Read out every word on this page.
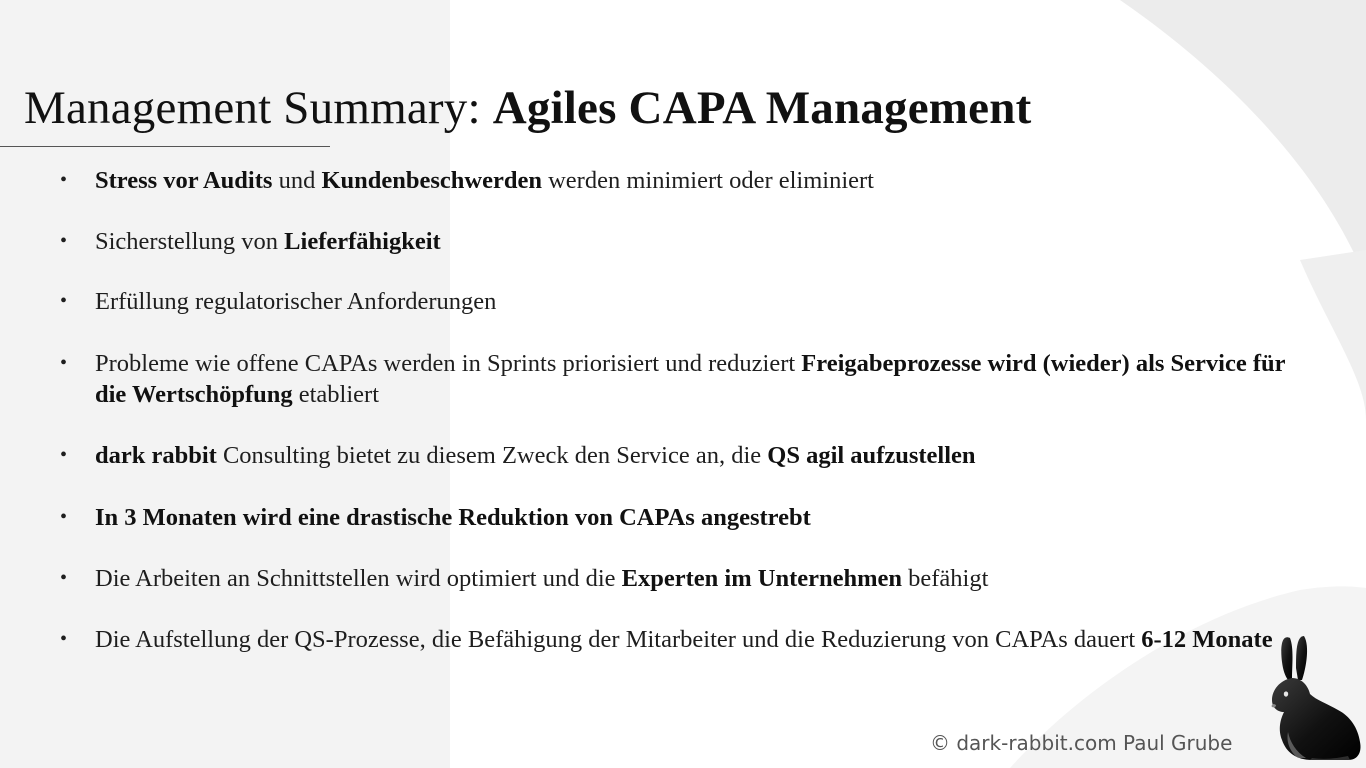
Management Summary: Agiles CAPA Management
•	Stress vor Audits und Kundenbeschwerden werden minimiert oder eliminiert
•	Sicherstellung von Lieferfähigkeit
•	Erfüllung regulatorischer Anforderungen
•	Probleme wie offene CAPAs werden in Sprints priorisiert und reduziert Freigabeprozesse wird (wieder) als Service für die Wertschöpfung etabliert
•	dark rabbit Consulting bietet zu diesem Zweck den Service an, die QS agil aufzustellen
•	In 3 Monaten wird eine drastische Reduktion von CAPAs angestrebt
•	Die Arbeiten an Schnittstellen wird optimiert und die Experten im Unternehmen befähigt
•	Die Aufstellung der QS-Prozesse, die Befähigung der Mitarbeiter und die Reduzierung von CAPAs dauert 6-12 Monate
© dark-rabbit.com Paul Grube
